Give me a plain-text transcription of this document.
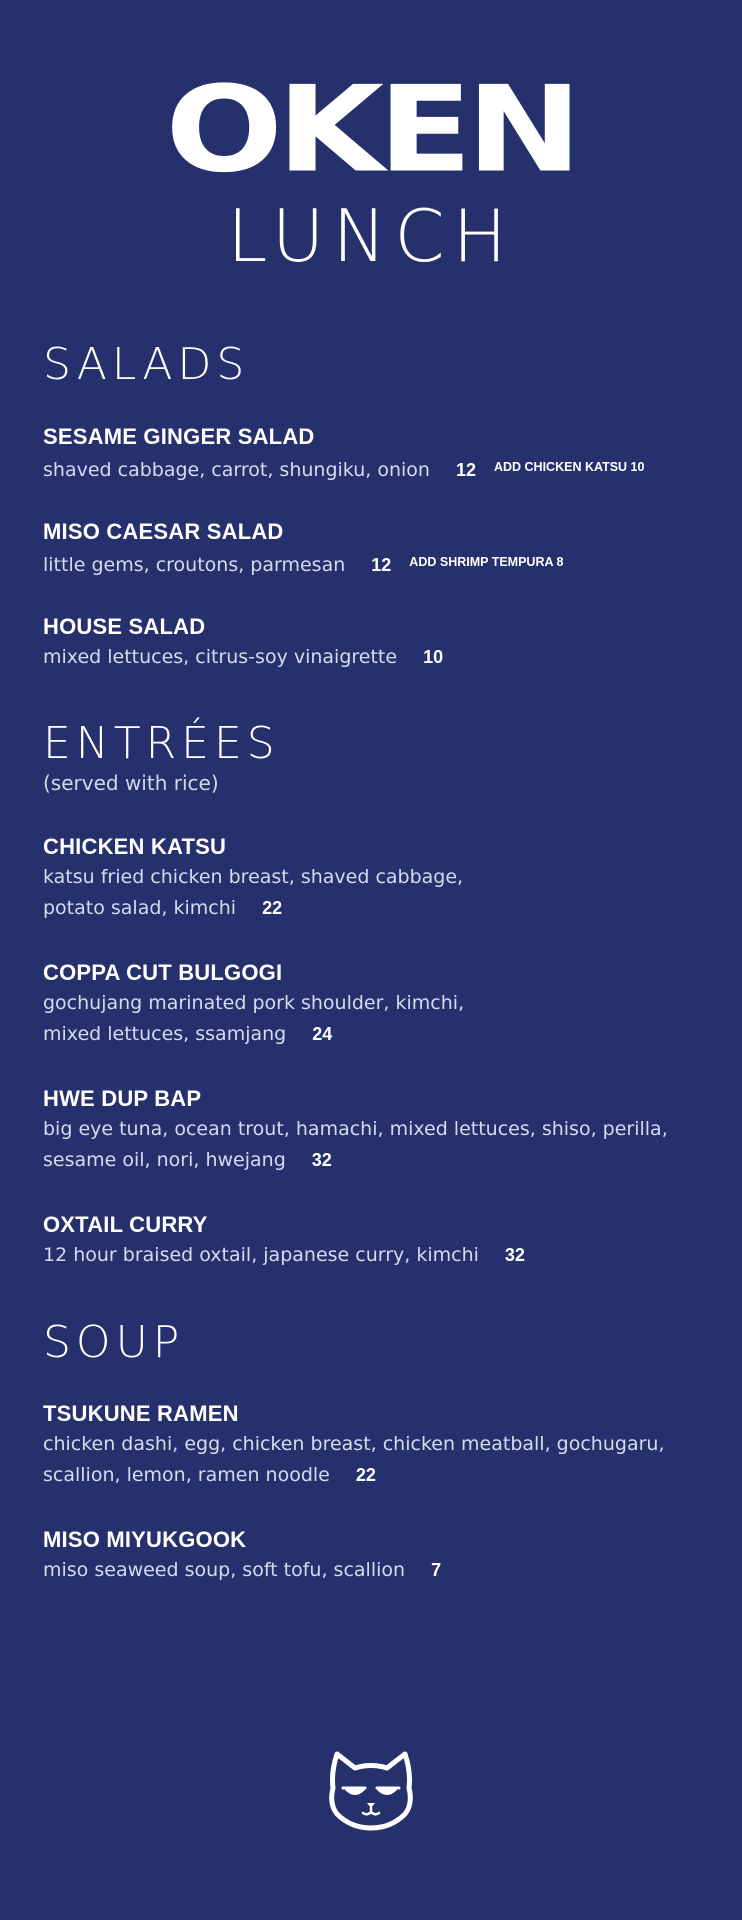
OKEN
LUNCH
SALADS
SESAME GINGER SALAD
shaved cabbage, carrot, shungiku, onion 12 ADD CHICKEN KATSU 10
MISO CAESAR SALAD
little gems, croutons, parmesan 12 ADD SHRIMP TEMPURA 8
HOUSE SALAD
mixed lettuces, citrus-soy vinaigrette 10
ENTRÉES
(served with rice)
CHICKEN KATSU
katsu fried chicken breast, shaved cabbage,
potato salad, kimchi 22
COPPA CUT BULGOGI
gochujang marinated pork shoulder, kimchi,
mixed lettuces, ssamjang 24
HWE DUP BAP
big eye tuna, ocean trout, hamachi, mixed lettuces, shiso, perilla,
sesame oil, nori, hwejang 32
OXTAIL CURRY
12 hour braised oxtail, japanese curry, kimchi 32
SOUP
TSUKUNE RAMEN
chicken dashi, egg, chicken breast, chicken meatball, gochugaru,
scallion, lemon, ramen noodle 22
MISO MIYUKGOOK
miso seaweed soup, soft tofu, scallion 7
